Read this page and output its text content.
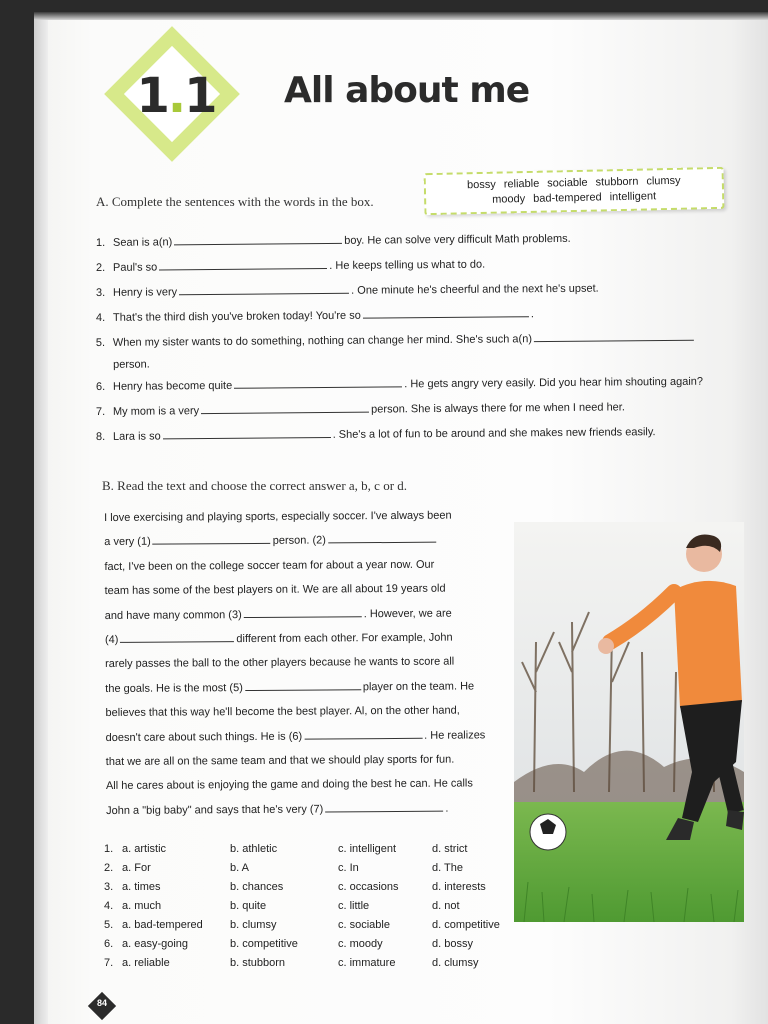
1.1	All about me
A. Complete the sentences with the words in the box.
bossy reliable sociable stubborn clumsy
moody bad-tempered intelligent
1. Sean is a(n)	boy. He can solve very difficult Math problems.
2. Paul's so	. He keeps telling us what to do.
3. Henry is very	. One minute he's cheerful and the next he's upset.
4. That's the third dish you've broken today! You're so	.
5. When my sister wants to do something, nothing can change her mind. She's such a(n)
person.
6. Henry has become quite	. He gets angry very easily. Did you hear him shouting again?
7. My mom is a very	person. She is always there for me when I need her.
8. Lara is so	. She's a lot of fun to be around and she makes new friends easily.
B. Read the text and choose the correct answer a, b, c or d.
I love exercising and playing sports, especially soccer. I've always been
a very (1)	person. (2)
fact, I've been on the college soccer team for about a year now. Our
team has some of the best players on it. We are all about 19 years old
and have many common (3)	. However, we are
(4)	different from each other. For example, John
rarely passes the ball to the other players because he wants to score all
the goals. He is the most (5)	player on the team. He
believes that this way he'll become the best player. Al, on the other hand,
doesn't care about such things. He is (6)	. He realizes
that we are all on the same team and that we should play sports for fun.
All he cares about is enjoying the game and doing the best he can. He calls
John a "big baby" and says that he's very (7)	.
1. a. artistic	b. athletic	c. intelligent	d. strict
2. a. For	b. A	c. In	d. The
3. a. times	b. chances	c. occasions	d. interests
4. a. much	b. quite	c. little	d. not
5. a. bad-tempered b. clumsy	c. sociable	d. competitive
6. a. easy-going	b. competitive	c. moody	d. bossy
7. a. reliable	b. stubborn	c. immature	d. clumsy
84
